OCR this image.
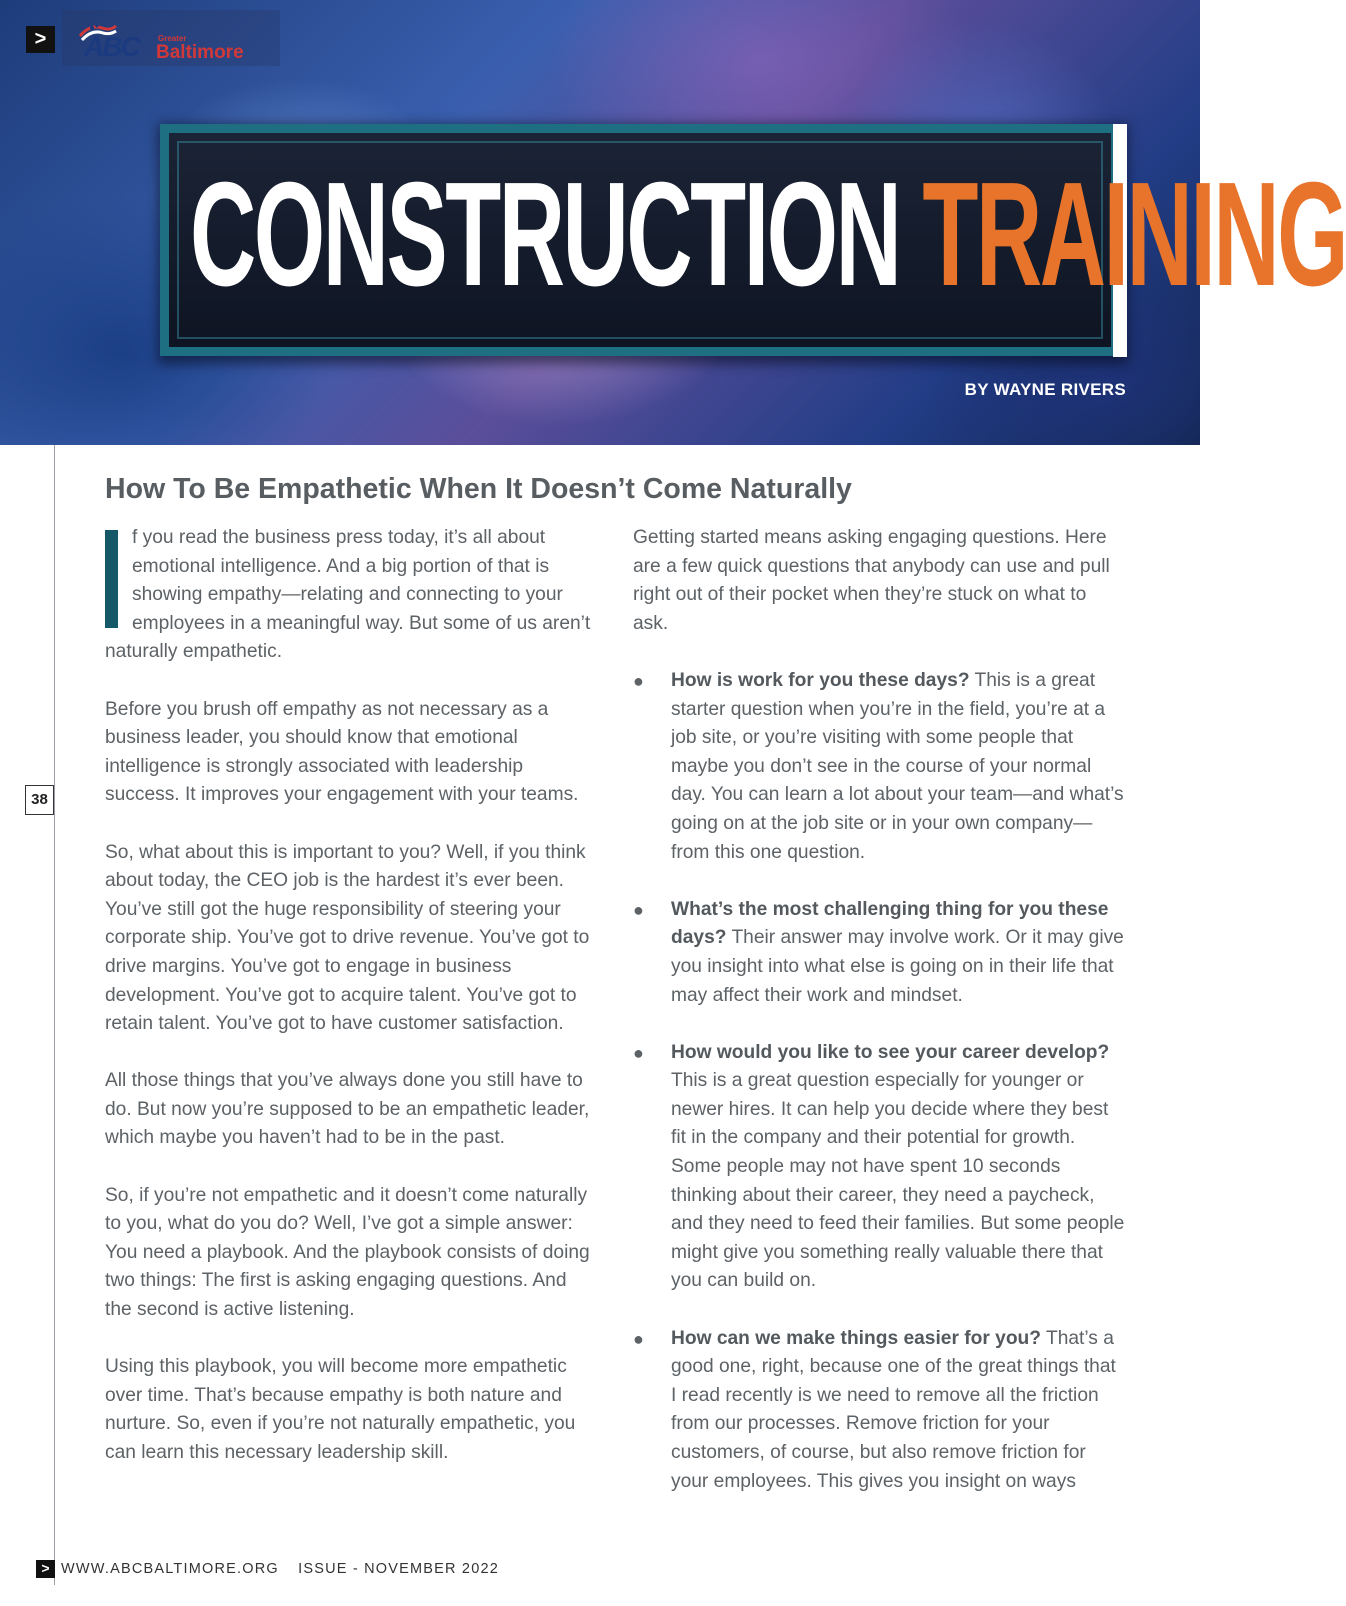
>	ABC Greater
Baltimore
CONSTRUCTION TRAINING
BY WAYNE RIVERS
38
How To Be Empathetic When It Doesn’t Come Naturally

f you read the business press today, it’s all about emotional intelligence. And a big portion of that is showing empathy—relating and connecting to your employees in a meaningful way. But some of us aren’t naturally empathetic.

Before you brush off empathy as not necessary as a business leader, you should know that emotional intelligence is strongly associated with leadership success. It improves your engagement with your teams.

So, what about this is important to you? Well, if you think about today, the CEO job is the hardest it’s ever been. You’ve still got the huge responsibility of steering your corporate ship. You’ve got to drive revenue. You’ve got to drive margins. You’ve got to engage in business development. You’ve got to acquire talent. You’ve got to retain talent. You’ve got to have customer satisfaction.

All those things that you’ve always done you still have to do. But now you’re supposed to be an empathetic leader, which maybe you haven’t had to be in the past.

So, if you’re not empathetic and it doesn’t come naturally to you, what do you do? Well, I’ve got a simple answer: You need a playbook. And the playbook consists of doing two things: The first is asking engaging questions. And the second is active listening.

Using this playbook, you will become more empathetic over time. That’s because empathy is both nature and nurture. So, even if you’re not naturally empathetic, you can learn this necessary leadership skill.

Getting started means asking engaging questions. Here are a few quick questions that anybody can use and pull right out of their pocket when they’re stuck on what to ask.

●	How is work for you these days? This is a great starter question when you’re in the field, you’re at a job site, or you’re visiting with some people that maybe you don’t see in the course of your normal day. You can learn a lot about your team—and what’s going on at the job site or in your own company—from this one question.
●	What’s the most challenging thing for you these days? Their answer may involve work. Or it may give you insight into what else is going on in their life that may affect their work and mindset.
●	How would you like to see your career develop? This is a great question especially for younger or newer hires. It can help you decide where they best fit in the company and their potential for growth. Some people may not have spent 10 seconds thinking about their career, they need a paycheck, and they need to feed their families. But some people might give you something really valuable there that you can build on.
●	How can we make things easier for you? That’s a good one, right, because one of the great things that I read recently is we need to remove all the friction from our processes. Remove friction for your customers, of course, but also remove friction for your employees. This gives you insight on ways
> WWW.ABCBALTIMORE.ORG ISSUE - NOVEMBER 2022
